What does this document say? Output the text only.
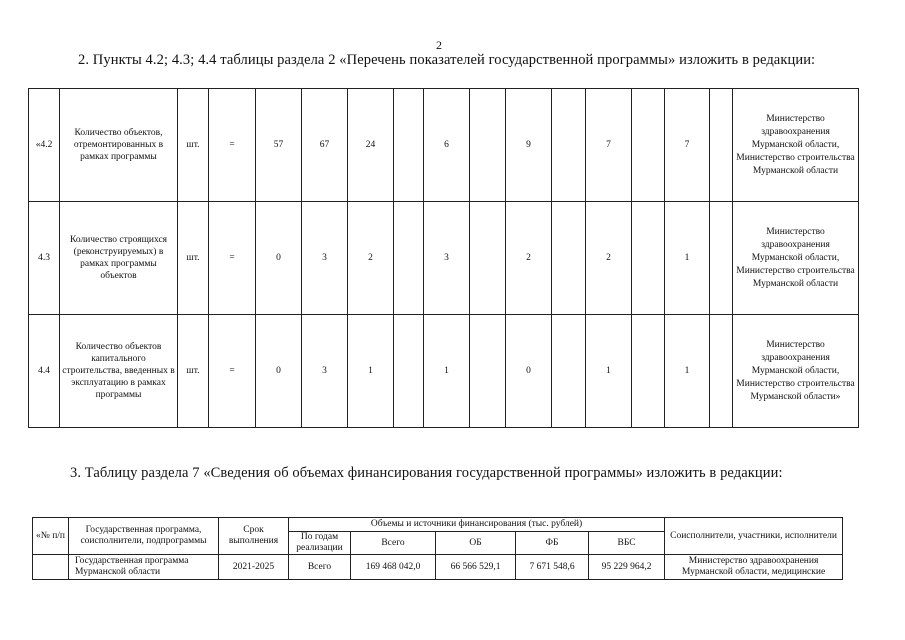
2
2. Пункты 4.2; 4.3; 4.4 таблицы раздела 2 «Перечень показателей государственной программы» изложить в редакции:
«4.2	Количество объектов, отремонтированных в рамках программы	шт.	=	57	67	24		6		9		7		7		Министерство здравоохранения Мурманской области, Министерство строительства Мурманской области
4.3	Количество строящихся (реконструируемых) в рамках программы объектов	шт.	=	0	3	2		3		2		2		1		Министерство здравоохранения Мурманской области, Министерство строительства Мурманской области
4.4	Количество объектов капитального строительства, введенных в эксплуатацию в рамках программы	шт.	=	0	3	1		1		0		1		1		Министерство здравоохранения Мурманской области, Министерство строительства Мурманской области»
3. Таблицу раздела 7 «Сведения об объемах финансирования государственной программы» изложить в редакции:
«№ п/п	Государственная программа, соисполнители, подпрограммы	Срок выполнения	Объемы и источники финансирования (тыс. рублей)					Соисполнители, участники, исполнители
			По годам реализации	Всего	ОБ	ФБ	ВБС	
	Государственная программа Мурманской области	2021-2025	Всего	169 468 042,0	66 566 529,1	7 671 548,6	95 229 964,2	Министерство здравоохранения Мурманской области, медицинские
